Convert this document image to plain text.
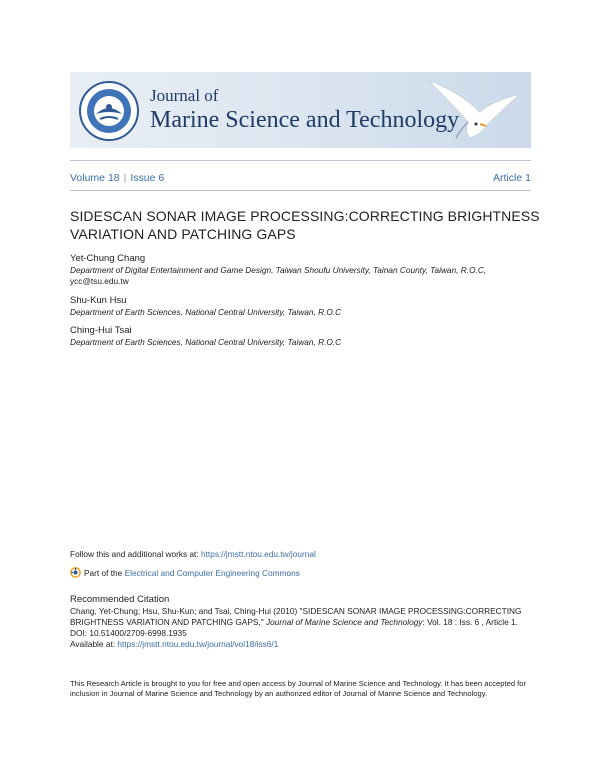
Journal of
Marine Science and Technology
Volume 18 | Issue 6	Article 1
SIDESCAN SONAR IMAGE PROCESSING:CORRECTING BRIGHTNESS VARIATION AND PATCHING GAPS
Yet-Chung Chang
Department of Digital Entertainment and Game Design, Taiwan Shoufu University, Tainan County, Taiwan, R.O.C,
ycc@tsu.edu.tw
Shu-Kun Hsu
Department of Earth Sciences, National Central University, Taiwan, R.O.C
Ching-Hui Tsai
Department of Earth Sciences, National Central University, Taiwan, R.O.C
Follow this and additional works at: https://jmstt.ntou.edu.tw/journal
Part of the Electrical and Computer Engineering Commons
Recommended Citation
Chang, Yet-Chung; Hsu, Shu-Kun; and Tsai, Ching-Hui (2010) "SIDESCAN SONAR IMAGE PROCESSING:CORRECTING BRIGHTNESS VARIATION AND PATCHING GAPS," Journal of Marine Science and Technology: Vol. 18 : Iss. 6 , Article 1.
DOI: 10.51400/2709-6998.1935
Available at: https://jmstt.ntou.edu.tw/journal/vol18/iss6/1
This Research Article is brought to you for free and open access by Journal of Marine Science and Technology. It has been accepted for inclusion in Journal of Marine Science and Technology by an authorized editor of Journal of Marine Science and Technology.
